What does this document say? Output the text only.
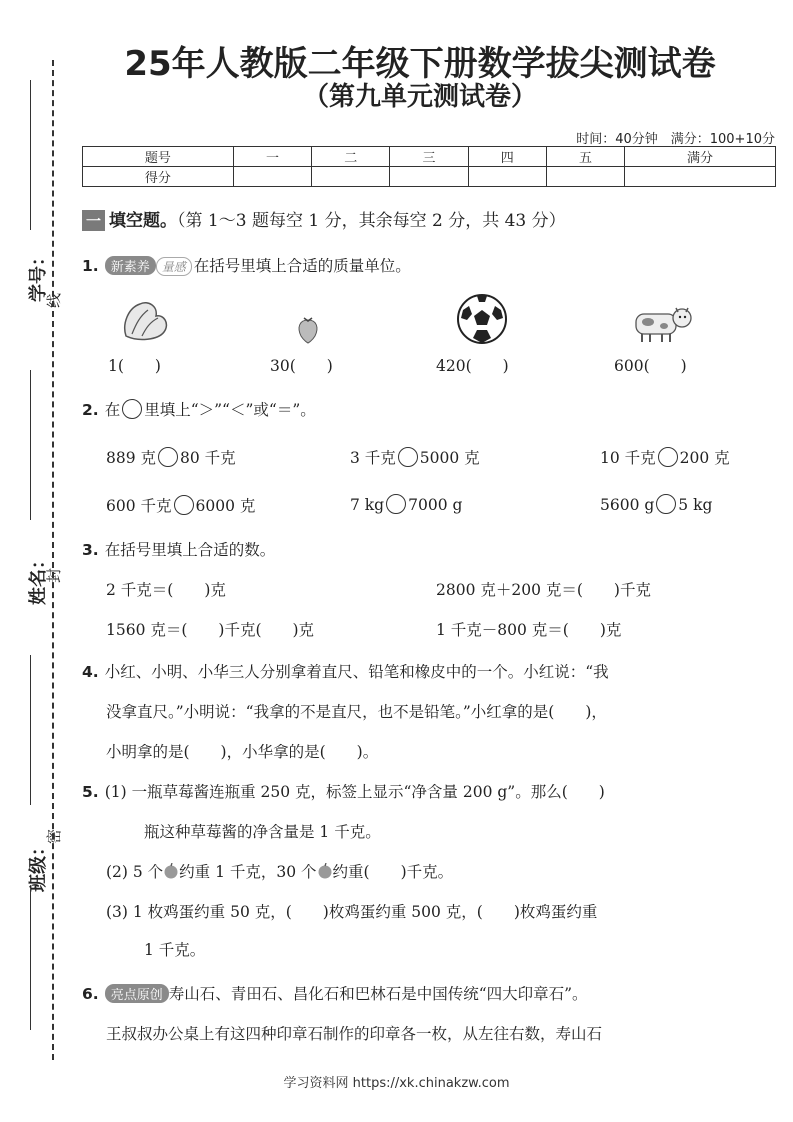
学号：
线
姓名：
封
班级：
密
25年人教版二年级下册数学拔尖测试卷
（第九单元测试卷）
时间：40分钟　满分：100+10分
题号	一	二	三	四	五	满分
得分						
一 填空题。（第 1～3 题每空 1 分，其余每空 2 分，共 43 分）
1. 新素养 量感 在括号里填上合适的质量单位。
1(　　)	30(　　)	420(　　)	600(　　)
2. 在 里填上“＞”“＜”或“＝”。
889 克 80 千克	3 千克 5000 克	10 千克 200 克
600 千克 6000 克	7 kg 7000 g	5600 g 5 kg
3. 在括号里填上合适的数。
2 千克＝(　　)克	2800 克＋200 克＝(　　)千克
1560 克＝(　　)千克(　　)克	1 千克－800 克＝(　　)克
4. 小红、小明、小华三人分别拿着直尺、铅笔和橡皮中的一个。小红说：“我
没拿直尺。”小明说：“我拿的不是直尺，也不是铅笔。”小红拿的是(　　)，
小明拿的是(　　)，小华拿的是(　　)。
5. (1) 一瓶草莓酱连瓶重 250 克，标签上显示“净含量 200 g”。那么(　　)
瓶这种草莓酱的净含量是 1 千克。
(2) 5 个 约重 1 千克，30 个 约重(　　)千克。
(3) 1 枚鸡蛋约重 50 克，(　　)枚鸡蛋约重 500 克，(　　)枚鸡蛋约重
1 千克。
6. 亮点原创 寿山石、青田石、昌化石和巴林石是中国传统“四大印章石”。
王叔叔办公桌上有这四种印章石制作的印章各一枚，从左往右数，寿山石
学习资料网 https://xk.chinakzw.com
